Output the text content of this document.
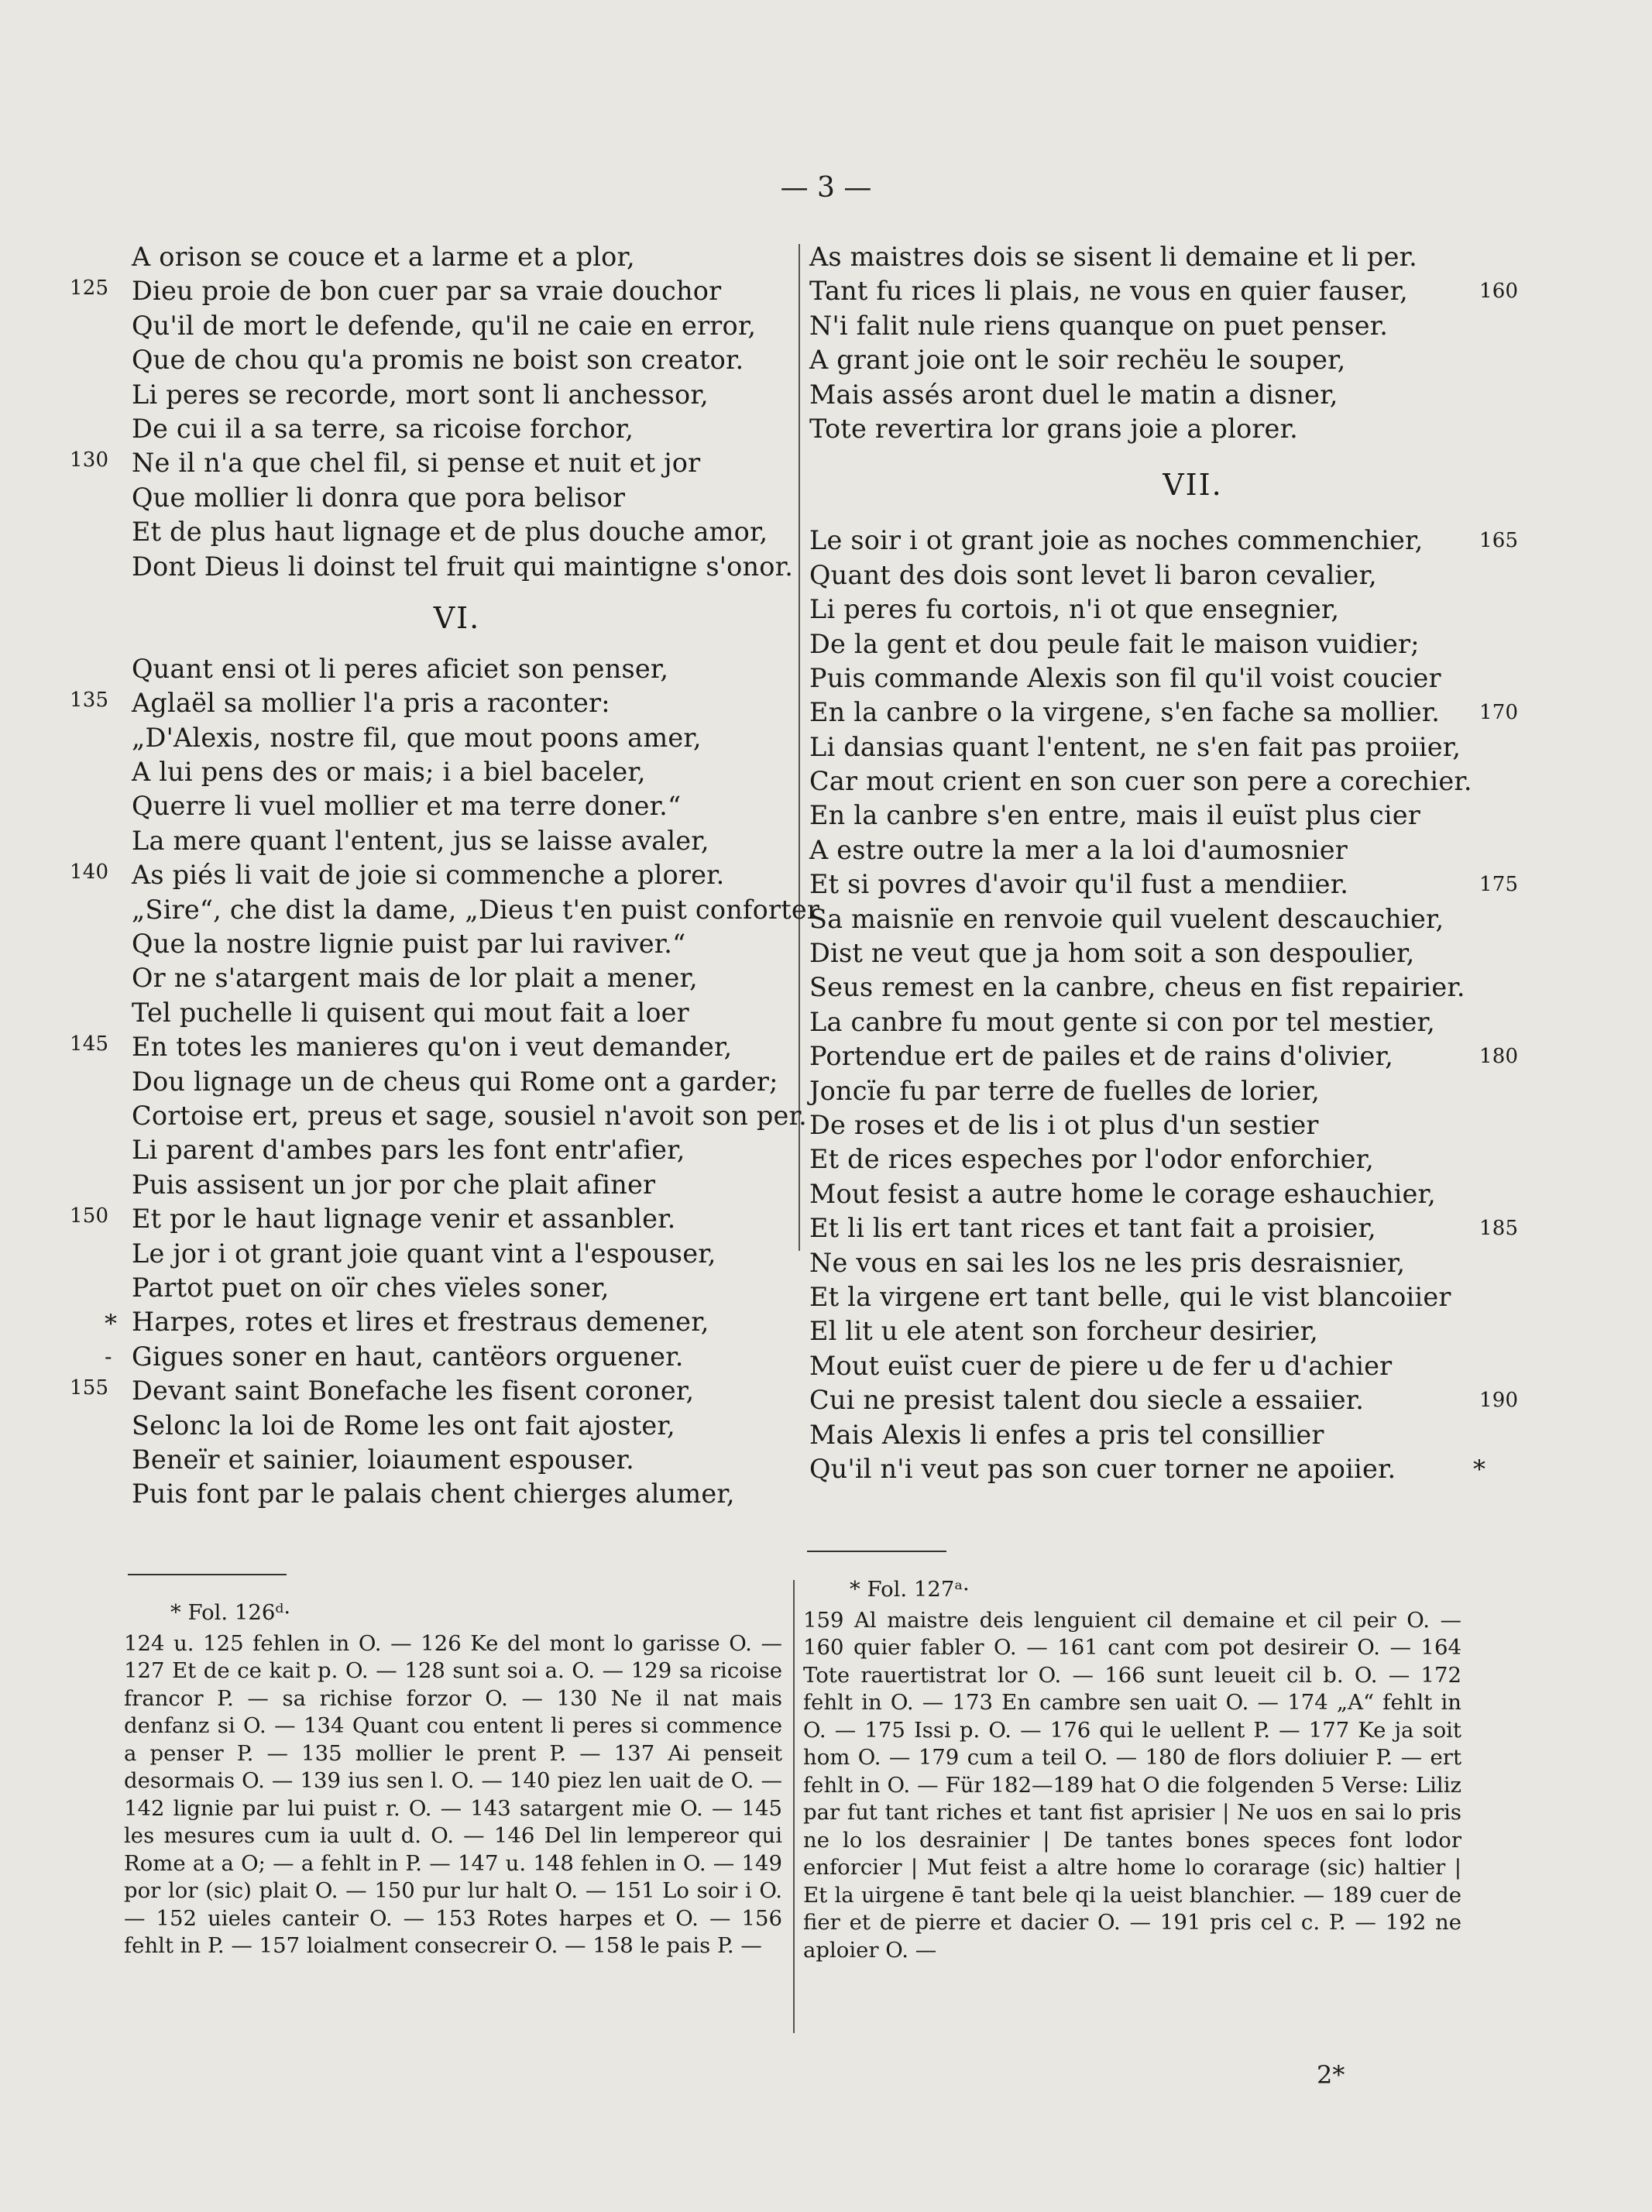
— 3 —
A orison se couce et a larme et a plor,
125 Dieu proie de bon cuer par sa vraie douchor
Qu'il de mort le defende, qu'il ne caie en error,
Que de chou qu'a promis ne boist son creator.
Li peres se recorde, mort sont li anchessor,
De cui il a sa terre, sa ricoise forchor,
130 Ne il n'a que chel fil, si pense et nuit et jor
Que mollier li donra que pora belisor
Et de plus haut lignage et de plus douche amor,
Dont Dieus li doinst tel fruit qui maintigne s'onor.
VI.
Quant ensi ot li peres aficiet son penser,
135 Aglaël sa mollier l'a pris a raconter:
„D'Alexis, nostre fil, que mout poons amer,
A lui pens des or mais; i a biel baceler,
Querre li vuel mollier et ma terre doner.“
La mere quant l'entent, jus se laisse avaler,
140 As piés li vait de joie si commenche a plorer.
„Sire“, che dist la dame, „Dieus t'en puist conforter
Que la nostre lignie puist par lui raviver.“
Or ne s'atargent mais de lor plait a mener,
Tel puchelle li quisent qui mout fait a loer
145 En totes les manieres qu'on i veut demander,
Dou lignage un de cheus qui Rome ont a garder;
Cortoise ert, preus et sage, sousiel n'avoit son per.
Li parent d'ambes pars les font entr'afier,
Puis assisent un jor por che plait afiner
150 Et por le haut lignage venir et assanbler.
Le jor i ot grant joie quant vint a l'espouser,
Partot puet on oïr ches vïeles soner,
* Harpes, rotes et lires et frestraus demener,
- Gigues soner en haut, cantëors orguener.
155 Devant saint Bonefache les fisent coroner,
Selonc la loi de Rome les ont fait ajoster,
Beneïr et sainier, loiaument espouser.
Puis font par le palais chent chierges alumer,
As maistres dois se sisent li demaine et li per.
160
Tant fu rices li plais, ne vous en quier fauser,
N'i falit nule riens quanque on puet penser.
A grant joie ont le soir rechëu le souper,
Mais assés aront duel le matin a disner,
Tote revertira lor grans joie a plorer.
VII.
165
Le soir i ot grant joie as noches commenchier,
Quant des dois sont levet li baron cevalier,
Li peres fu cortois, n'i ot que ensegnier,
De la gent et dou peule fait le maison vuidier;
Puis commande Alexis son fil qu'il voist coucier
170
En la canbre o la virgene, s'en fache sa mollier.
Li dansias quant l'entent, ne s'en fait pas proiier,
Car mout crient en son cuer son pere a corechier.
En la canbre s'en entre, mais il euïst plus cier
A estre outre la mer a la loi d'aumosnier
175
Et si povres d'avoir qu'il fust a mendiier.
Sa maisnïe en renvoie quil vuelent descauchier,
Dist ne veut que ja hom soit a son despoulier,
Seus remest en la canbre, cheus en fist repairier.
La canbre fu mout gente si con por tel mestier,
180
Portendue ert de pailes et de rains d'olivier,
Joncïe fu par terre de fuelles de lorier,
De roses et de lis i ot plus d'un sestier
Et de rices espeches por l'odor enforchier,
Mout fesist a autre home le corage eshauchier,
185
Et li lis ert tant rices et tant fait a proisier,
Ne vous en sai les los ne les pris desraisnier,
Et la virgene ert tant belle, qui le vist blancoiier
El lit u ele atent son forcheur desirier,
Mout euïst cuer de piere u de fer u d'achier
190
Cui ne presist talent dou siecle a essaiier.
Mais Alexis li enfes a pris tel consillier
*
Qu'il n'i veut pas son cuer torner ne apoiier.
* Fol. 126ᵈ·

124 u. 125 fehlen in O. — 126 Ke del mont lo garisse O. — 127 Et de ce kait p. O. — 128 sunt soi a. O. — 129 sa ricoise francor P. — sa richise forzor O. — 130 Ne il nat mais denfanz si O. — 134 Quant cou entent li peres si commence a penser P. — 135 mollier le prent P. — 137 Ai penseit desormais O. — 139 ius sen l. O. — 140 piez len uait de O. — 142 lignie par lui puist r. O. — 143 satargent mie O. — 145 les mesures cum ia uult d. O. — 146 Del lin lempereor qui Rome at a O; — a fehlt in P. — 147 u. 148 fehlen in O. — 149 por lor (sic) plait O. — 150 pur lur halt O. — 151 Lo soir i O. — 152 uieles canteir O. — 153 Rotes harpes et O. — 156 fehlt in P. — 157 loialment consecreir O. — 158 le pais P. —

* Fol. 127ᵃ·

159 Al maistre deis lenguient cil demaine et cil peir O. — 160 quier fabler O. — 161 cant com pot desireir O. — 164 Tote rauertistrat lor O. — 166 sunt leueit cil b. O. — 172 fehlt in O. — 173 En cambre sen uait O. — 174 „A“ fehlt in O. — 175 Issi p. O. — 176 qui le uellent P. — 177 Ke ja soit hom O. — 179 cum a teil O. — 180 de flors doliuier P. — ert fehlt in O. — Für 182—189 hat O die folgenden 5 Verse: Liliz par fut tant riches et tant fist aprisier | Ne uos en sai lo pris ne lo los desrainier | De tantes bones speces font lodor enforcier | Mut feist a altre home lo corarage (sic) haltier | Et la uirgene ē tant bele qi la ueist blanchier. — 189 cuer de fier et de pierre et dacier O. — 191 pris cel c. P. — 192 ne aploier O. —

2*
